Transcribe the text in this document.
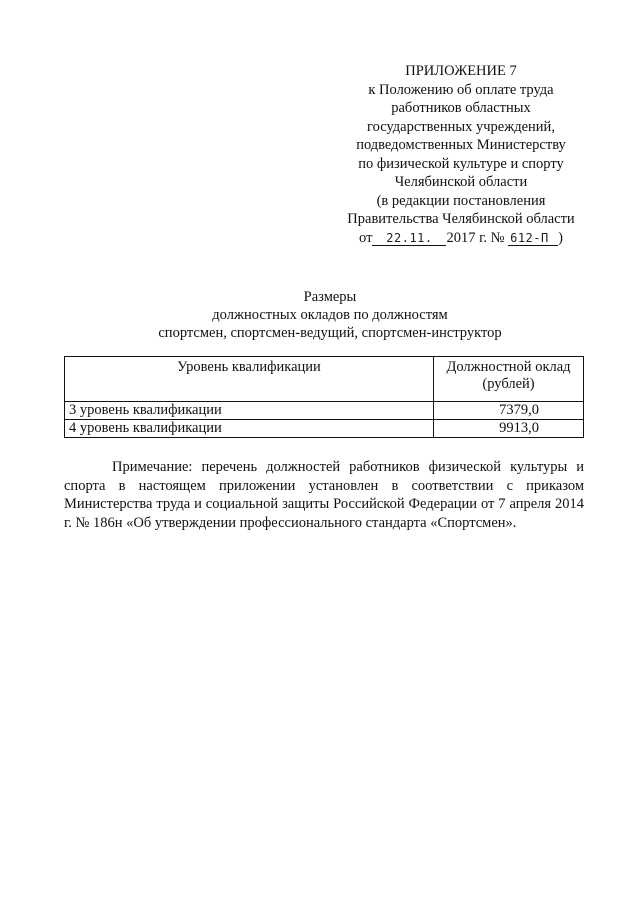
ПРИЛОЖЕНИЕ 7
к Положению об оплате труда
работников областных
государственных учреждений,
подведомственных Министерству
по физической культуре и спорту
Челябинской области
(в редакции постановления
Правительства Челябинской области
от 22.11. 2017 г. № 612-П )
Размеры
должностных окладов по должностям
спортсмен, спортсмен-ведущий, спортсмен-инструктор
Уровень квалификации	Должностной оклад
(рублей)
3 уровень квалификации	7379,0
4 уровень квалификации	9913,0
Примечание: перечень должностей работников физической культуры и спорта в настоящем приложении установлен в соответствии с приказом Министерства труда и социальной защиты Российской Федерации от 7 апреля 2014 г. № 186н «Об утверждении профессионального стандарта «Спортсмен».
